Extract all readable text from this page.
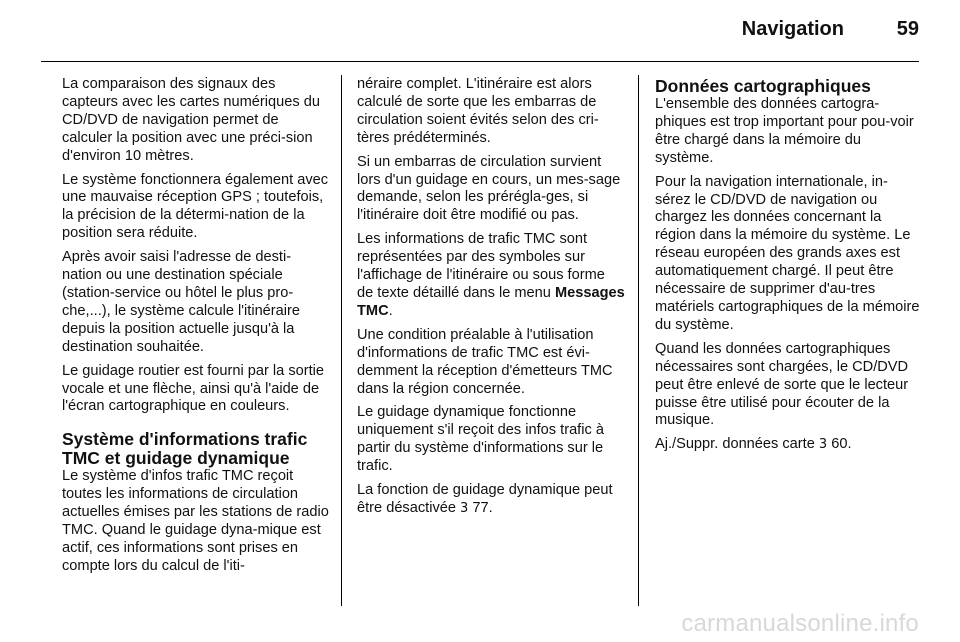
Navigation	59

La comparaison des signaux des capteurs avec les cartes numériques du CD/DVD de navigation permet de calculer la position avec une préci-sion d'environ 10 mètres.

Le système fonctionnera également avec une mauvaise réception GPS ; toutefois, la précision de la détermi-nation de la position sera réduite.

Après avoir saisi l'adresse de desti-nation ou une destination spéciale (station-service ou hôtel le plus pro-che,...), le système calcule l'itinéraire depuis la position actuelle jusqu'à la destination souhaitée.

Le guidage routier est fourni par la sortie vocale et une flèche, ainsi qu'à l'aide de l'écran cartographique en couleurs.

Système d'informations trafic TMC et guidage dynamique

Le système d'infos trafic TMC reçoit toutes les informations de circulation actuelles émises par les stations de radio TMC. Quand le guidage dyna-mique est actif, ces informations sont prises en compte lors du calcul de l'iti-

néraire complet. L'itinéraire est alors calculé de sorte que les embarras de circulation soient évités selon des cri-tères prédéterminés.

Si un embarras de circulation survient lors d'un guidage en cours, un mes-sage demande, selon les prérégla-ges, si l'itinéraire doit être modifié ou pas.

Les informations de trafic TMC sont représentées par des symboles sur l'affichage de l'itinéraire ou sous forme de texte détaillé dans le menu Messages TMC.

Une condition préalable à l'utilisation d'informations de trafic TMC est évi-demment la réception d'émetteurs TMC dans la région concernée.

Le guidage dynamique fonctionne uniquement s'il reçoit des infos trafic à partir du système d'informations sur le trafic.

La fonction de guidage dynamique peut être désactivée 3 77.

Données cartographiques

L'ensemble des données cartogra-phiques est trop important pour pou-voir être chargé dans la mémoire du système.

Pour la navigation internationale, in-sérez le CD/DVD de navigation ou chargez les données concernant la région dans la mémoire du système. Le réseau européen des grands axes est automatiquement chargé. Il peut être nécessaire de supprimer d'au-tres matériels cartographiques de la mémoire du système.

Quand les données cartographiques nécessaires sont chargées, le CD/DVD peut être enlevé de sorte que le lecteur puisse être utilisé pour écouter de la musique.

Aj./Suppr. données carte 3 60.

carmanualsonline.info
